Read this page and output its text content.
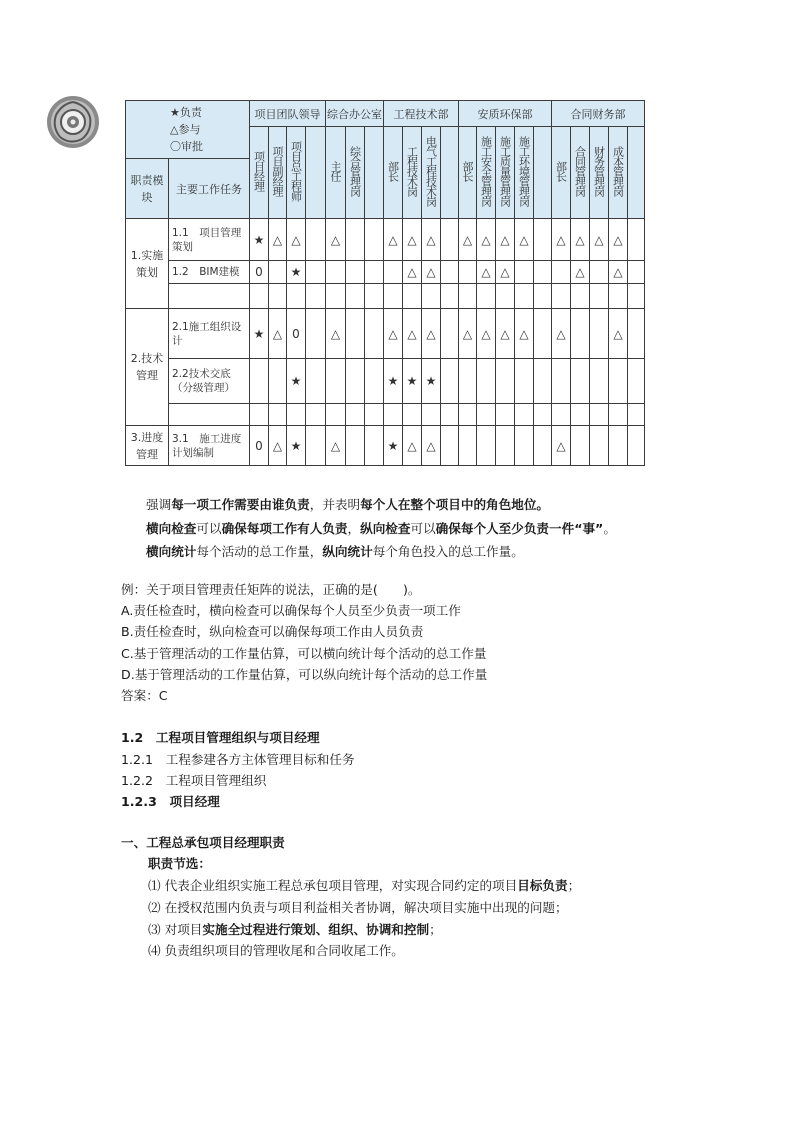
★负责
△参与
〇审批		项目团队领导				综合办公室			工程技术部				安质环保部					合同财务部				
		项目经理	项目副经理	项目总工程师		主任	综合管理岗		部长	工程技术岗	电气工程技术岗		部长	施工安全管理岗	施工质量管理岗	施工环境管理岗		部长	合同管理岗	财务管理岗	成本管理岗	
职责模块	主要工作任务																					
1.实施策划	1.1　项目管理策划	★	△	△		△			△	△	△		△	△	△	△		△	△	△	△	
	1.2　BIM建模	0		★						△	△			△	△				△		△	

2.技术管理	2.1施工组织设计	★	△	0		△			△	△	△		△	△	△	△		△			△	
	2.2技术交底（分级管理）			★					★	★	★											

3.进度管理	3.1　施工进度计划编制	0	△	★		△			★	△	△							△				
强调每一项工作需要由谁负责，并表明每个人在整个项目中的角色地位。
横向检查可以确保每项工作有人负责，纵向检查可以确保每个人至少负责一件“事”。
横向统计每个活动的总工作量，纵向统计每个角色投入的总工作量。
例：关于项目管理责任矩阵的说法，正确的是(　　)。
A.责任检查时，横向检查可以确保每个人员至少负责一项工作
B.责任检查时，纵向检查可以确保每项工作由人员负责
C.基于管理活动的工作量估算，可以横向统计每个活动的总工作量
D.基于管理活动的工作量估算，可以纵向统计每个活动的总工作量
答案：C
1.2　工程项目管理组织与项目经理
1.2.1　工程参建各方主体管理目标和任务
1.2.2　工程项目管理组织
1.2.3　项目经理
一、工程总承包项目经理职责
职责节选：
⑴ 代表企业组织实施工程总承包项目管理，对实现合同约定的项目目标负责；
⑵ 在授权范围内负责与项目利益相关者协调，解决项目实施中出现的问题；
⑶ 对项目实施全过程进行策划、组织、协调和控制；
⑷ 负责组织项目的管理收尾和合同收尾工作。
